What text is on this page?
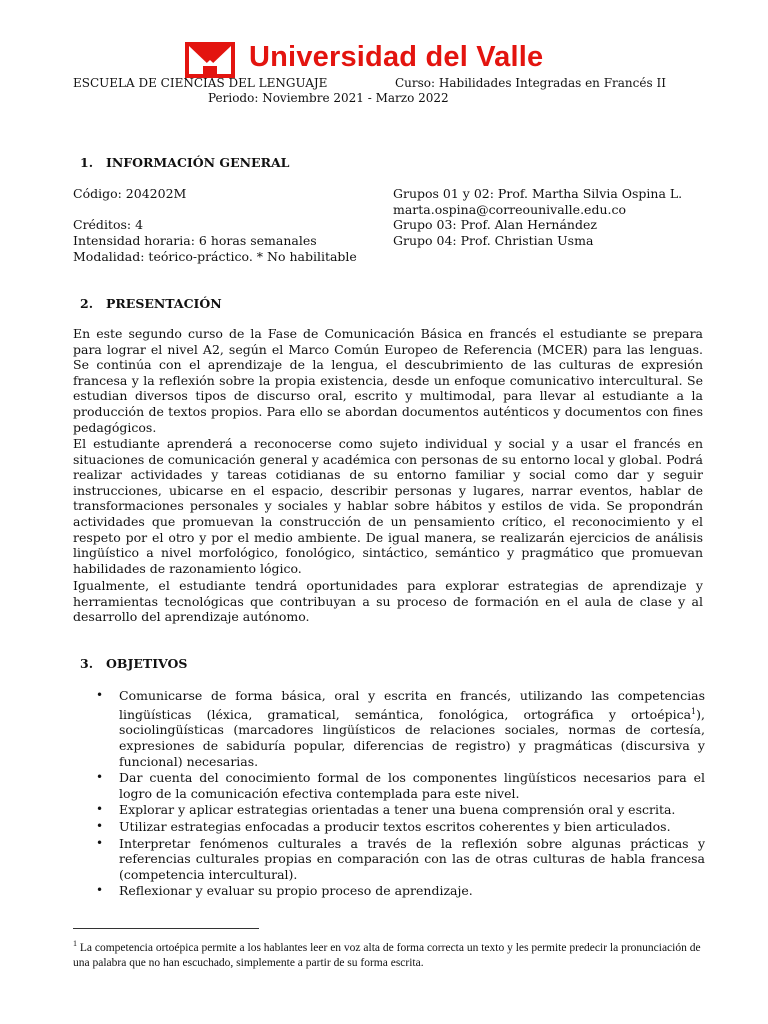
Universidad del Valle
ESCUELA DE CIENCIAS DEL LENGUAJE	Curso: Habilidades Integradas en Francés II
Periodo: Noviembre 2021 - Marzo 2022
1. INFORMACIÓN GENERAL
Código: 204202M
Créditos: 4
Intensidad horaria: 6 horas semanales
Modalidad: teórico-práctico. * No habilitable
Grupos 01 y 02: Prof. Martha Silvia Ospina L.
marta.ospina@correounivalle.edu.co
Grupo 03: Prof. Alan Hernández
Grupo 04: Prof. Christian Usma
2. PRESENTACIÓN
En este segundo curso de la Fase de Comunicación Básica en francés el estudiante se prepara para lograr el nivel A2, según el Marco Común Europeo de Referencia (MCER) para las lenguas. Se continúa con el aprendizaje de la lengua, el descubrimiento de las culturas de expresión francesa y la reflexión sobre la propia existencia, desde un enfoque comunicativo intercultural. Se estudian diversos tipos de discurso oral, escrito y multimodal, para llevar al estudiante a la producción de textos propios. Para ello se abordan documentos auténticos y documentos con fines pedagógicos.
El estudiante aprenderá a reconocerse como sujeto individual y social y a usar el francés en situaciones de comunicación general y académica con personas de su entorno local y global. Podrá realizar actividades y tareas cotidianas de su entorno familiar y social como dar y seguir instrucciones, ubicarse en el espacio, describir personas y lugares, narrar eventos, hablar de transformaciones personales y sociales y hablar sobre hábitos y estilos de vida. Se propondrán actividades que promuevan la construcción de un pensamiento crítico, el reconocimiento y el respeto por el otro y por el medio ambiente. De igual manera, se realizarán ejercicios de análisis lingüístico a nivel morfológico, fonológico, sintáctico, semántico y pragmático que promuevan habilidades de razonamiento lógico.
Igualmente, el estudiante tendrá oportunidades para explorar estrategias de aprendizaje y herramientas tecnológicas que contribuyan a su proceso de formación en el aula de clase y al desarrollo del aprendizaje autónomo.
3. OBJETIVOS
• Comunicarse de forma básica, oral y escrita en francés, utilizando las competencias lingüísticas (léxica, gramatical, semántica, fonológica, ortográfica y ortoépica$^1$), sociolingüísticas (marcadores lingüísticos de relaciones sociales, normas de cortesía, expresiones de sabiduría popular, diferencias de registro) y pragmáticas (discursiva y funcional) necesarias.
• Dar cuenta del conocimiento formal de los componentes lingüísticos necesarios para el logro de la comunicación efectiva contemplada para este nivel.
• Explorar y aplicar estrategias orientadas a tener una buena comprensión oral y escrita.
• Utilizar estrategias enfocadas a producir textos escritos coherentes y bien articulados.
• Interpretar fenómenos culturales a través de la reflexión sobre algunas prácticas y referencias culturales propias en comparación con las de otras culturas de habla francesa (competencia intercultural).
• Reflexionar y evaluar su propio proceso de aprendizaje.
$^1$ La competencia ortoépica permite a los hablantes leer en voz alta de forma correcta un texto y les permite predecir la pronunciación de una palabra que no han escuchado, simplemente a partir de su forma escrita.
